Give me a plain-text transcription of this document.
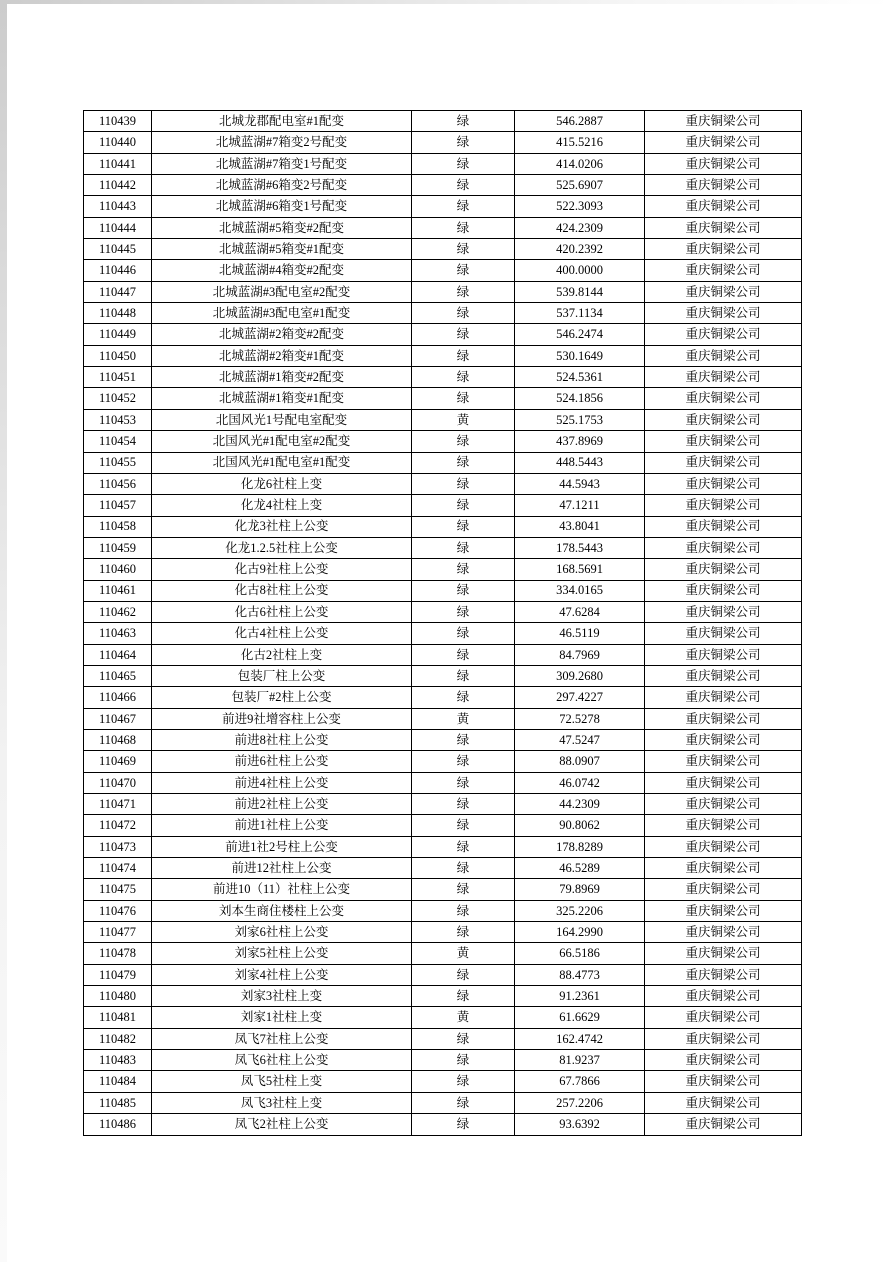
110439	北城龙郡配电室#1配变	绿	546.2887	重庆铜梁公司
110440	北城蓝湖#7箱变2号配变	绿	415.5216	重庆铜梁公司
110441	北城蓝湖#7箱变1号配变	绿	414.0206	重庆铜梁公司
110442	北城蓝湖#6箱变2号配变	绿	525.6907	重庆铜梁公司
110443	北城蓝湖#6箱变1号配变	绿	522.3093	重庆铜梁公司
110444	北城蓝湖#5箱变#2配变	绿	424.2309	重庆铜梁公司
110445	北城蓝湖#5箱变#1配变	绿	420.2392	重庆铜梁公司
110446	北城蓝湖#4箱变#2配变	绿	400.0000	重庆铜梁公司
110447	北城蓝湖#3配电室#2配变	绿	539.8144	重庆铜梁公司
110448	北城蓝湖#3配电室#1配变	绿	537.1134	重庆铜梁公司
110449	北城蓝湖#2箱变#2配变	绿	546.2474	重庆铜梁公司
110450	北城蓝湖#2箱变#1配变	绿	530.1649	重庆铜梁公司
110451	北城蓝湖#1箱变#2配变	绿	524.5361	重庆铜梁公司
110452	北城蓝湖#1箱变#1配变	绿	524.1856	重庆铜梁公司
110453	北国风光1号配电室配变	黄	525.1753	重庆铜梁公司
110454	北国风光#1配电室#2配变	绿	437.8969	重庆铜梁公司
110455	北国风光#1配电室#1配变	绿	448.5443	重庆铜梁公司
110456	化龙6社柱上变	绿	44.5943	重庆铜梁公司
110457	化龙4社柱上变	绿	47.1211	重庆铜梁公司
110458	化龙3社柱上公变	绿	43.8041	重庆铜梁公司
110459	化龙1.2.5社柱上公变	绿	178.5443	重庆铜梁公司
110460	化古9社柱上公变	绿	168.5691	重庆铜梁公司
110461	化古8社柱上公变	绿	334.0165	重庆铜梁公司
110462	化古6社柱上公变	绿	47.6284	重庆铜梁公司
110463	化古4社柱上公变	绿	46.5119	重庆铜梁公司
110464	化古2社柱上变	绿	84.7969	重庆铜梁公司
110465	包装厂柱上公变	绿	309.2680	重庆铜梁公司
110466	包装厂#2柱上公变	绿	297.4227	重庆铜梁公司
110467	前进9社增容柱上公变	黄	72.5278	重庆铜梁公司
110468	前进8社柱上公变	绿	47.5247	重庆铜梁公司
110469	前进6社柱上公变	绿	88.0907	重庆铜梁公司
110470	前进4社柱上公变	绿	46.0742	重庆铜梁公司
110471	前进2社柱上公变	绿	44.2309	重庆铜梁公司
110472	前进1社柱上公变	绿	90.8062	重庆铜梁公司
110473	前进1社2号柱上公变	绿	178.8289	重庆铜梁公司
110474	前进12社柱上公变	绿	46.5289	重庆铜梁公司
110475	前进10（11）社柱上公变	绿	79.8969	重庆铜梁公司
110476	刘本生商住楼柱上公变	绿	325.2206	重庆铜梁公司
110477	刘家6社柱上公变	绿	164.2990	重庆铜梁公司
110478	刘家5社柱上公变	黄	66.5186	重庆铜梁公司
110479	刘家4社柱上公变	绿	88.4773	重庆铜梁公司
110480	刘家3社柱上变	绿	91.2361	重庆铜梁公司
110481	刘家1社柱上变	黄	61.6629	重庆铜梁公司
110482	凤飞7社柱上公变	绿	162.4742	重庆铜梁公司
110483	凤飞6社柱上公变	绿	81.9237	重庆铜梁公司
110484	凤飞5社柱上变	绿	67.7866	重庆铜梁公司
110485	凤飞3社柱上变	绿	257.2206	重庆铜梁公司
110486	凤飞2社柱上公变	绿	93.6392	重庆铜梁公司
